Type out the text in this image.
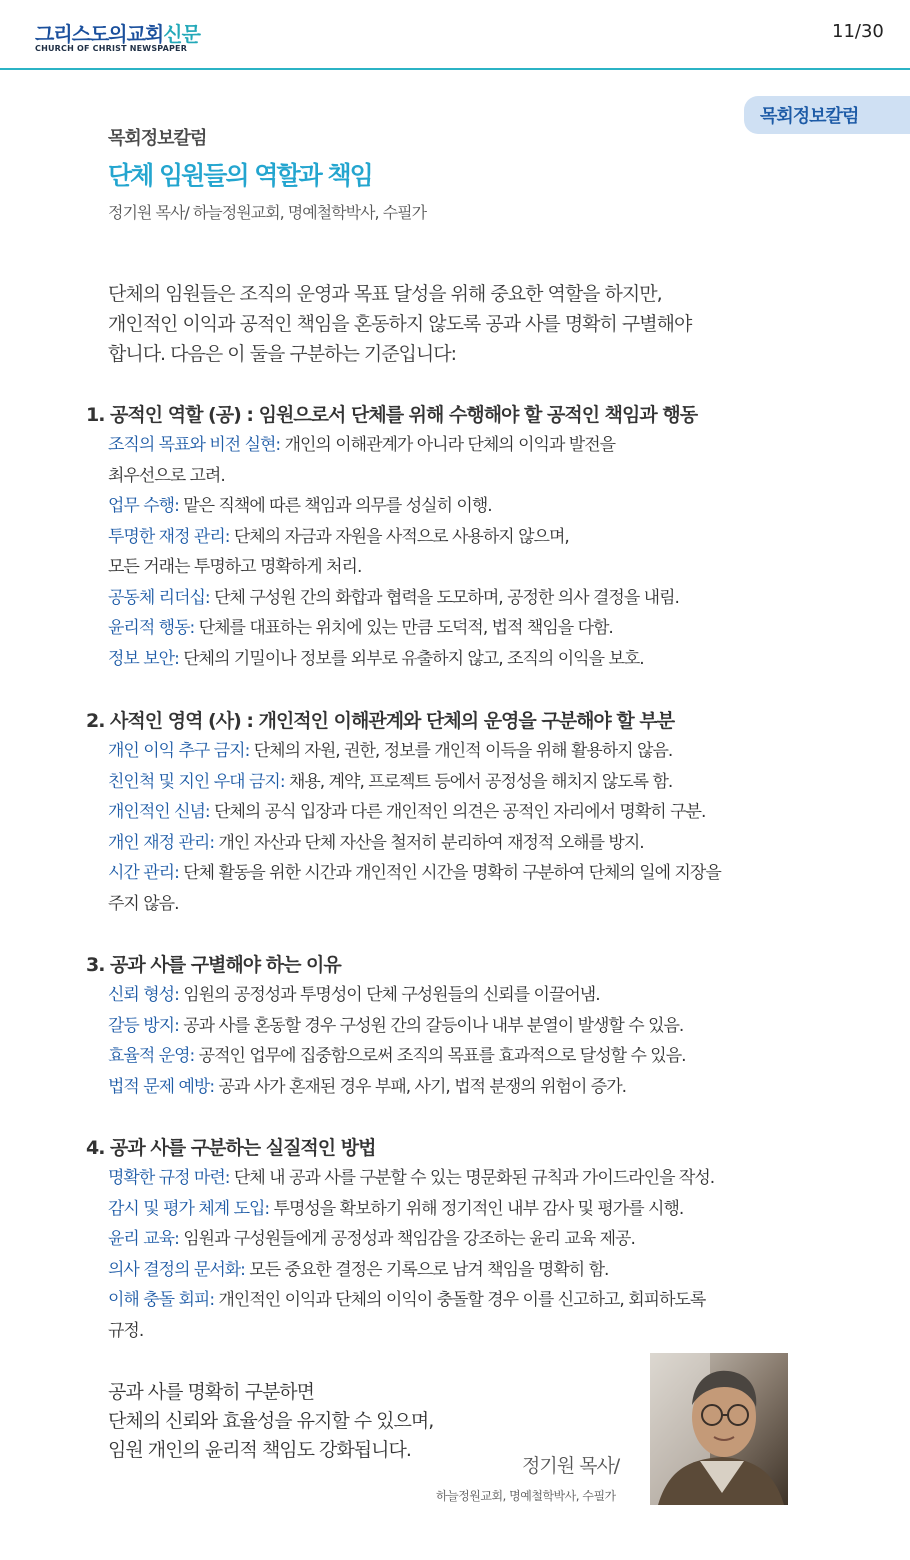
그리스도의교회신문
CHURCH OF CHRIST NEWSPAPER
11/30
목회정보칼럼
목회정보칼럼
단체 임원들의 역할과 책임
정기원 목사/ 하늘정원교회, 명예철학박사, 수필가
단체의 임원들은 조직의 운영과 목표 달성을 위해 중요한 역할을 하지만,
개인적인 이익과 공적인 책임을 혼동하지 않도록 공과 사를 명확히 구별해야
합니다. 다음은 이 둘을 구분하는 기준입니다:
1. 공적인 역할 (공) : 임원으로서 단체를 위해 수행해야 할 공적인 책임과 행동
조직의 목표와 비전 실현: 개인의 이해관계가 아니라 단체의 이익과 발전을
최우선으로 고려.
업무 수행: 맡은 직책에 따른 책임과 의무를 성실히 이행.
투명한 재정 관리: 단체의 자금과 자원을 사적으로 사용하지 않으며,
모든 거래는 투명하고 명확하게 처리.
공동체 리더십: 단체 구성원 간의 화합과 협력을 도모하며, 공정한 의사 결정을 내림.
윤리적 행동: 단체를 대표하는 위치에 있는 만큼 도덕적, 법적 책임을 다함.
정보 보안: 단체의 기밀이나 정보를 외부로 유출하지 않고, 조직의 이익을 보호.
2. 사적인 영역 (사) : 개인적인 이해관계와 단체의 운영을 구분해야 할 부분
개인 이익 추구 금지: 단체의 자원, 권한, 정보를 개인적 이득을 위해 활용하지 않음.
친인척 및 지인 우대 금지: 채용, 계약, 프로젝트 등에서 공정성을 해치지 않도록 함.
개인적인 신념: 단체의 공식 입장과 다른 개인적인 의견은 공적인 자리에서 명확히 구분.
개인 재정 관리: 개인 자산과 단체 자산을 철저히 분리하여 재정적 오해를 방지.
시간 관리: 단체 활동을 위한 시간과 개인적인 시간을 명확히 구분하여 단체의 일에 지장을
주지 않음.
3. 공과 사를 구별해야 하는 이유
신뢰 형성: 임원의 공정성과 투명성이 단체 구성원들의 신뢰를 이끌어냄.
갈등 방지: 공과 사를 혼동할 경우 구성원 간의 갈등이나 내부 분열이 발생할 수 있음.
효율적 운영: 공적인 업무에 집중함으로써 조직의 목표를 효과적으로 달성할 수 있음.
법적 문제 예방: 공과 사가 혼재된 경우 부패, 사기, 법적 분쟁의 위험이 증가.
4. 공과 사를 구분하는 실질적인 방법
명확한 규정 마련: 단체 내 공과 사를 구분할 수 있는 명문화된 규칙과 가이드라인을 작성.
감시 및 평가 체계 도입: 투명성을 확보하기 위해 정기적인 내부 감사 및 평가를 시행.
윤리 교육: 임원과 구성원들에게 공정성과 책임감을 강조하는 윤리 교육 제공.
의사 결정의 문서화: 모든 중요한 결정은 기록으로 남겨 책임을 명확히 함.
이해 충돌 회피: 개인적인 이익과 단체의 이익이 충돌할 경우 이를 신고하고, 회피하도록
규정.
공과 사를 명확히 구분하면
단체의 신뢰와 효율성을 유지할 수 있으며,
임원 개인의 윤리적 책임도 강화됩니다.
정기원 목사/
하늘정원교회, 명예철학박사, 수필가
